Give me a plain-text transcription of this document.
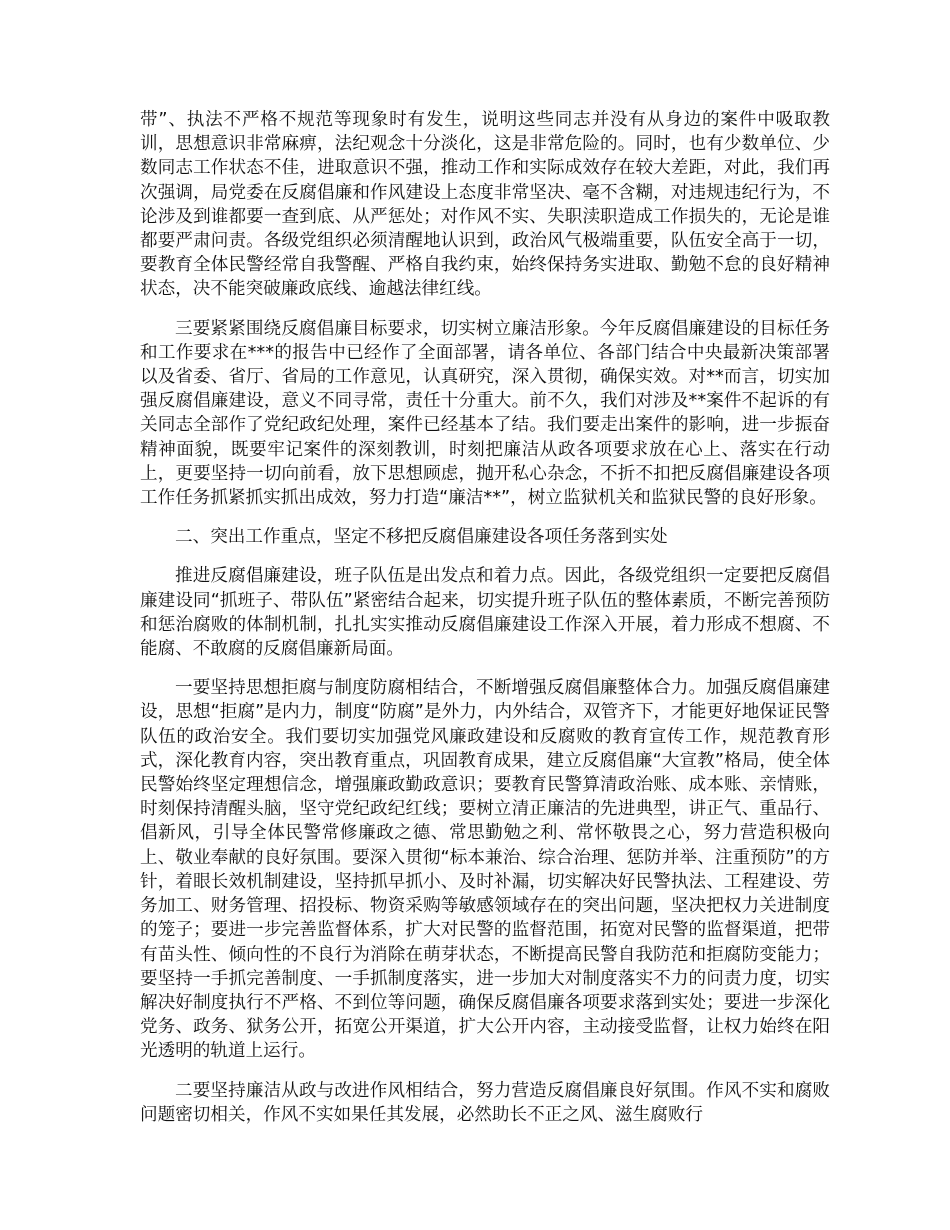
带”、执法不严格不规范等现象时有发生，说明这些同志并没有从身边的案件中吸取教训，思想意识非常麻痹，法纪观念十分淡化，这是非常危险的。同时，也有少数单位、少数同志工作状态不佳，进取意识不强，推动工作和实际成效存在较大差距，对此，我们再次强调，局党委在反腐倡廉和作风建设上态度非常坚决、毫不含糊，对违规违纪行为，不论涉及到谁都要一查到底、从严惩处；对作风不实、失职渎职造成工作损失的，无论是谁都要严肃问责。各级党组织必须清醒地认识到，政治风气极端重要，队伍安全高于一切，要教育全体民警经常自我警醒、严格自我约束，始终保持务实进取、勤勉不怠的良好精神状态，决不能突破廉政底线、逾越法律红线。

三要紧紧围绕反腐倡廉目标要求，切实树立廉洁形象。今年反腐倡廉建设的目标任务和工作要求在***的报告中已经作了全面部署，请各单位、各部门结合中央最新决策部署以及省委、省厅、省局的工作意见，认真研究，深入贯彻，确保实效。对**而言，切实加强反腐倡廉建设，意义不同寻常，责任十分重大。前不久，我们对涉及**案件不起诉的有关同志全部作了党纪政纪处理，案件已经基本了结。我们要走出案件的影响，进一步振奋精神面貌，既要牢记案件的深刻教训，时刻把廉洁从政各项要求放在心上、落实在行动上，更要坚持一切向前看，放下思想顾虑，抛开私心杂念，不折不扣把反腐倡廉建设各项工作任务抓紧抓实抓出成效，努力打造“廉洁**”，树立监狱机关和监狱民警的良好形象。

二、突出工作重点，坚定不移把反腐倡廉建设各项任务落到实处

推进反腐倡廉建设，班子队伍是出发点和着力点。因此，各级党组织一定要把反腐倡廉建设同“抓班子、带队伍”紧密结合起来，切实提升班子队伍的整体素质，不断完善预防和惩治腐败的体制机制，扎扎实实推动反腐倡廉建设工作深入开展，着力形成不想腐、不能腐、不敢腐的反腐倡廉新局面。

一要坚持思想拒腐与制度防腐相结合，不断增强反腐倡廉整体合力。加强反腐倡廉建设，思想“拒腐”是内力，制度“防腐”是外力，内外结合，双管齐下，才能更好地保证民警队伍的政治安全。我们要切实加强党风廉政建设和反腐败的教育宣传工作，规范教育形式，深化教育内容，突出教育重点，巩固教育成果，建立反腐倡廉“大宣教”格局，使全体民警始终坚定理想信念，增强廉政勤政意识；要教育民警算清政治账、成本账、亲情账，时刻保持清醒头脑，坚守党纪政纪红线；要树立清正廉洁的先进典型，讲正气、重品行、倡新风，引导全体民警常修廉政之德、常思勤勉之利、常怀敬畏之心，努力营造积极向上、敬业奉献的良好氛围。要深入贯彻“标本兼治、综合治理、惩防并举、注重预防”的方针，着眼长效机制建设，坚持抓早抓小、及时补漏，切实解决好民警执法、工程建设、劳务加工、财务管理、招投标、物资采购等敏感领域存在的突出问题，坚决把权力关进制度的笼子；要进一步完善监督体系，扩大对民警的监督范围，拓宽对民警的监督渠道，把带有苗头性、倾向性的不良行为消除在萌芽状态，不断提高民警自我防范和拒腐防变能力；要坚持一手抓完善制度、一手抓制度落实，进一步加大对制度落实不力的问责力度，切实解决好制度执行不严格、不到位等问题，确保反腐倡廉各项要求落到实处；要进一步深化党务、政务、狱务公开，拓宽公开渠道，扩大公开内容，主动接受监督，让权力始终在阳光透明的轨道上运行。

二要坚持廉洁从政与改进作风相结合，努力营造反腐倡廉良好氛围。作风不实和腐败问题密切相关，作风不实如果任其发展，必然助长不正之风、滋生腐败行
